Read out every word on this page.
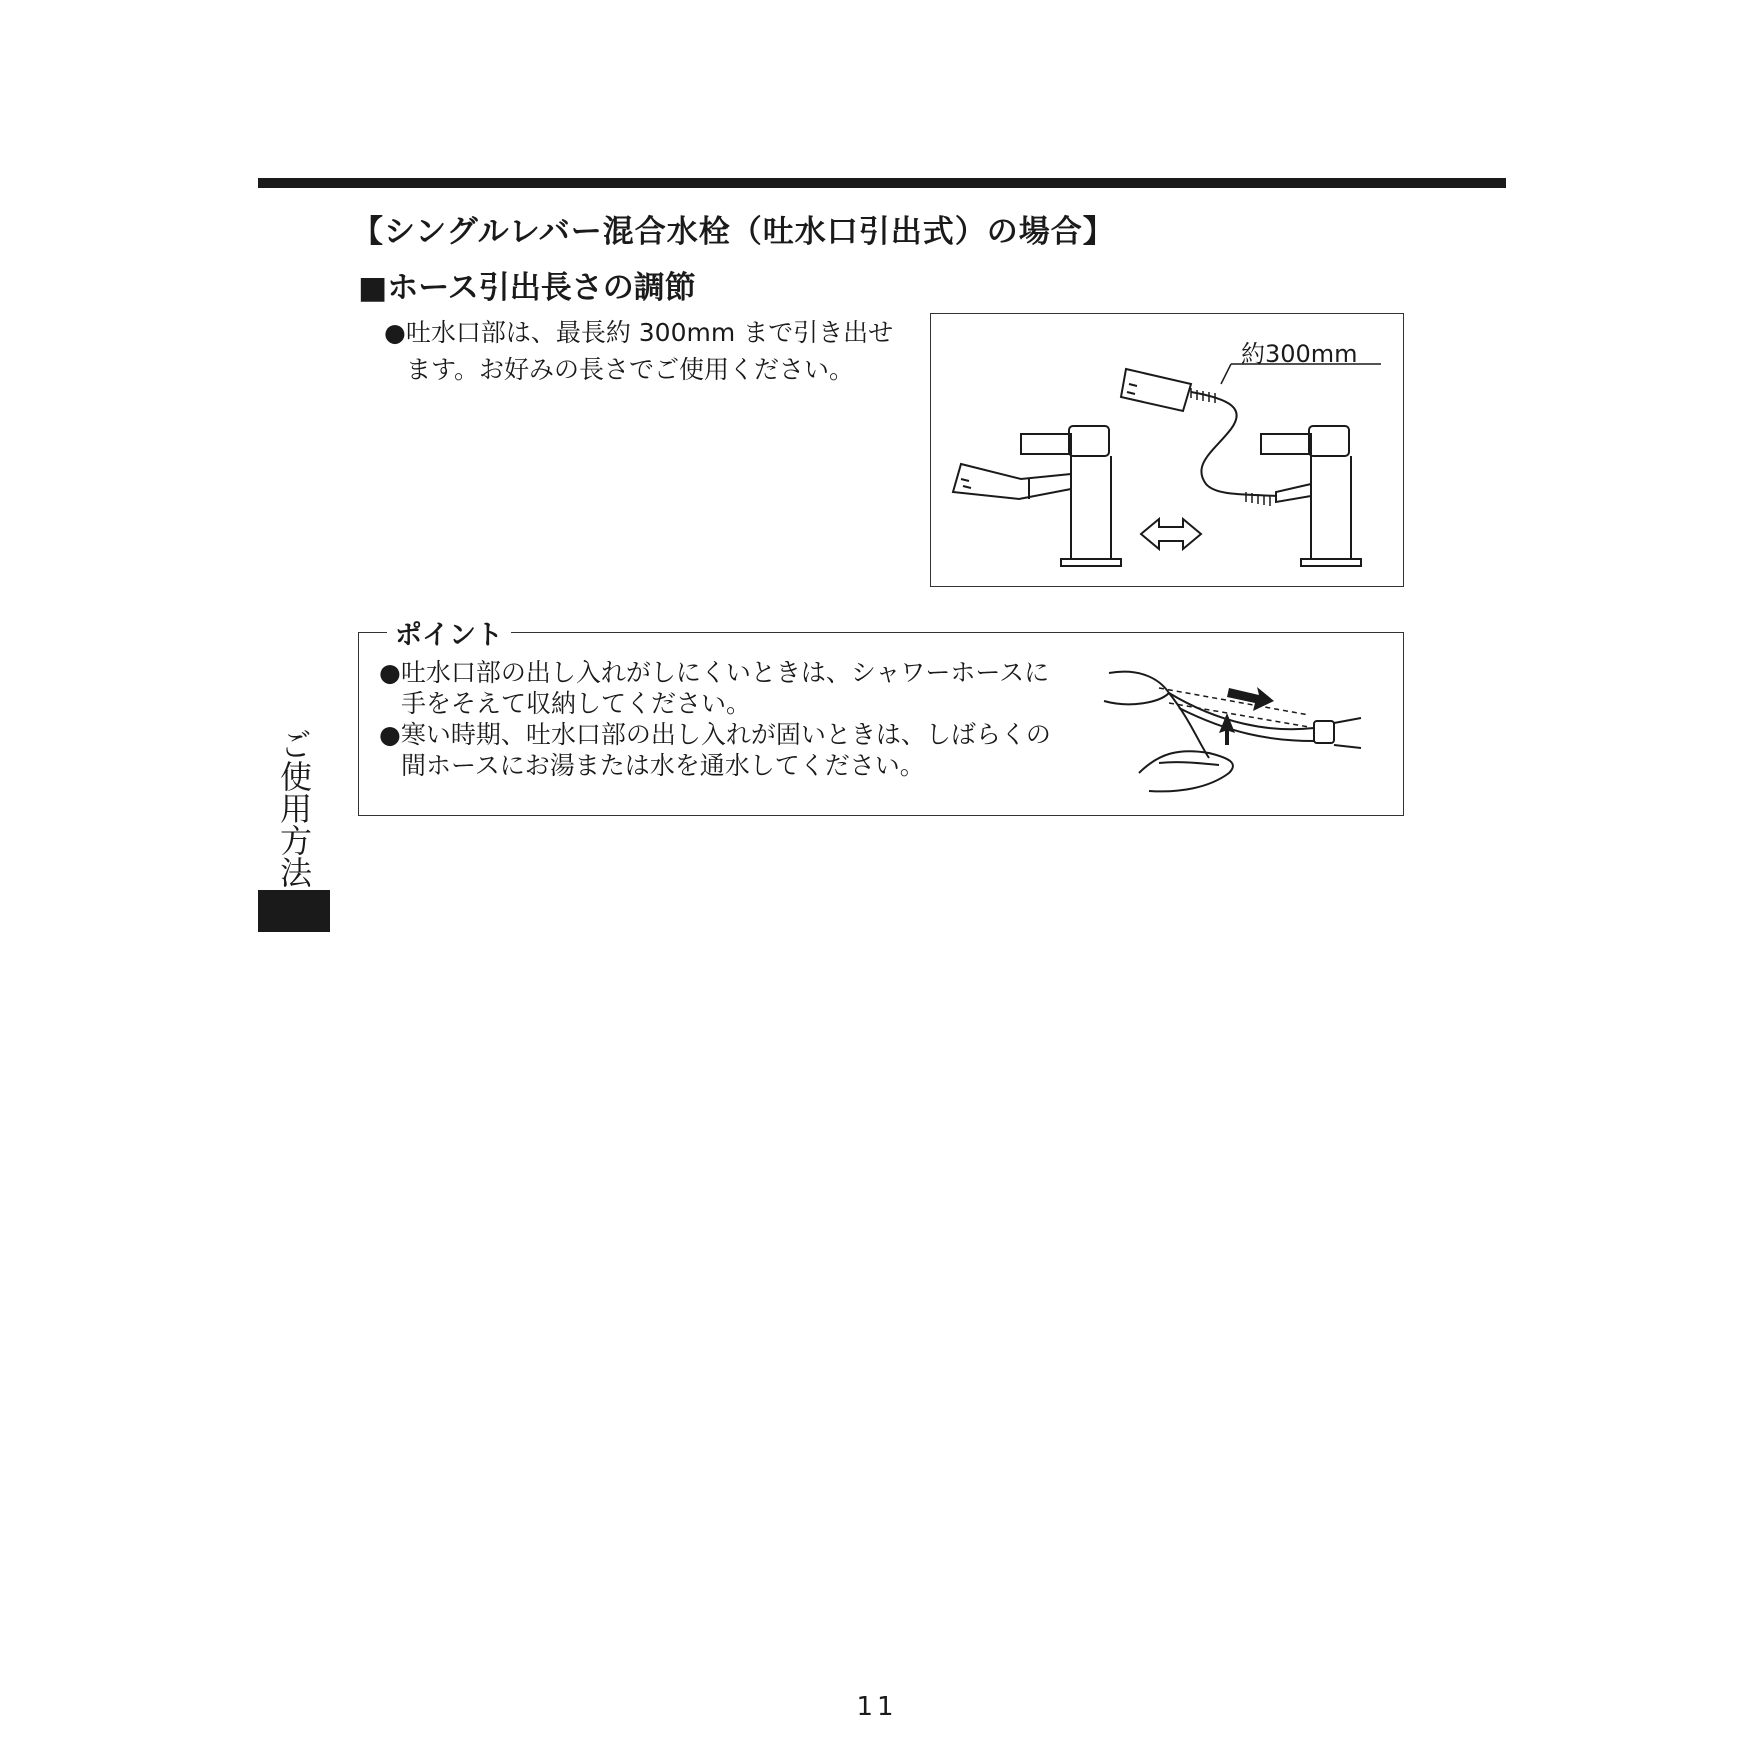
【シングルレバー混合水栓（吐水口引出式）の場合】
■ホース引出長さの調節

●吐水口部は、最長約 300mm まで引き出せ

ます。お好みの長さでご使用ください。

約300mm
ポイント

●吐水口部の出し入れがしにくいときは、シャワーホースに

手をそえて収納してください。

●寒い時期、吐水口部の出し入れが固いときは、しばらくの

間ホースにお湯または水を通水してください。

ご使用方法
11
